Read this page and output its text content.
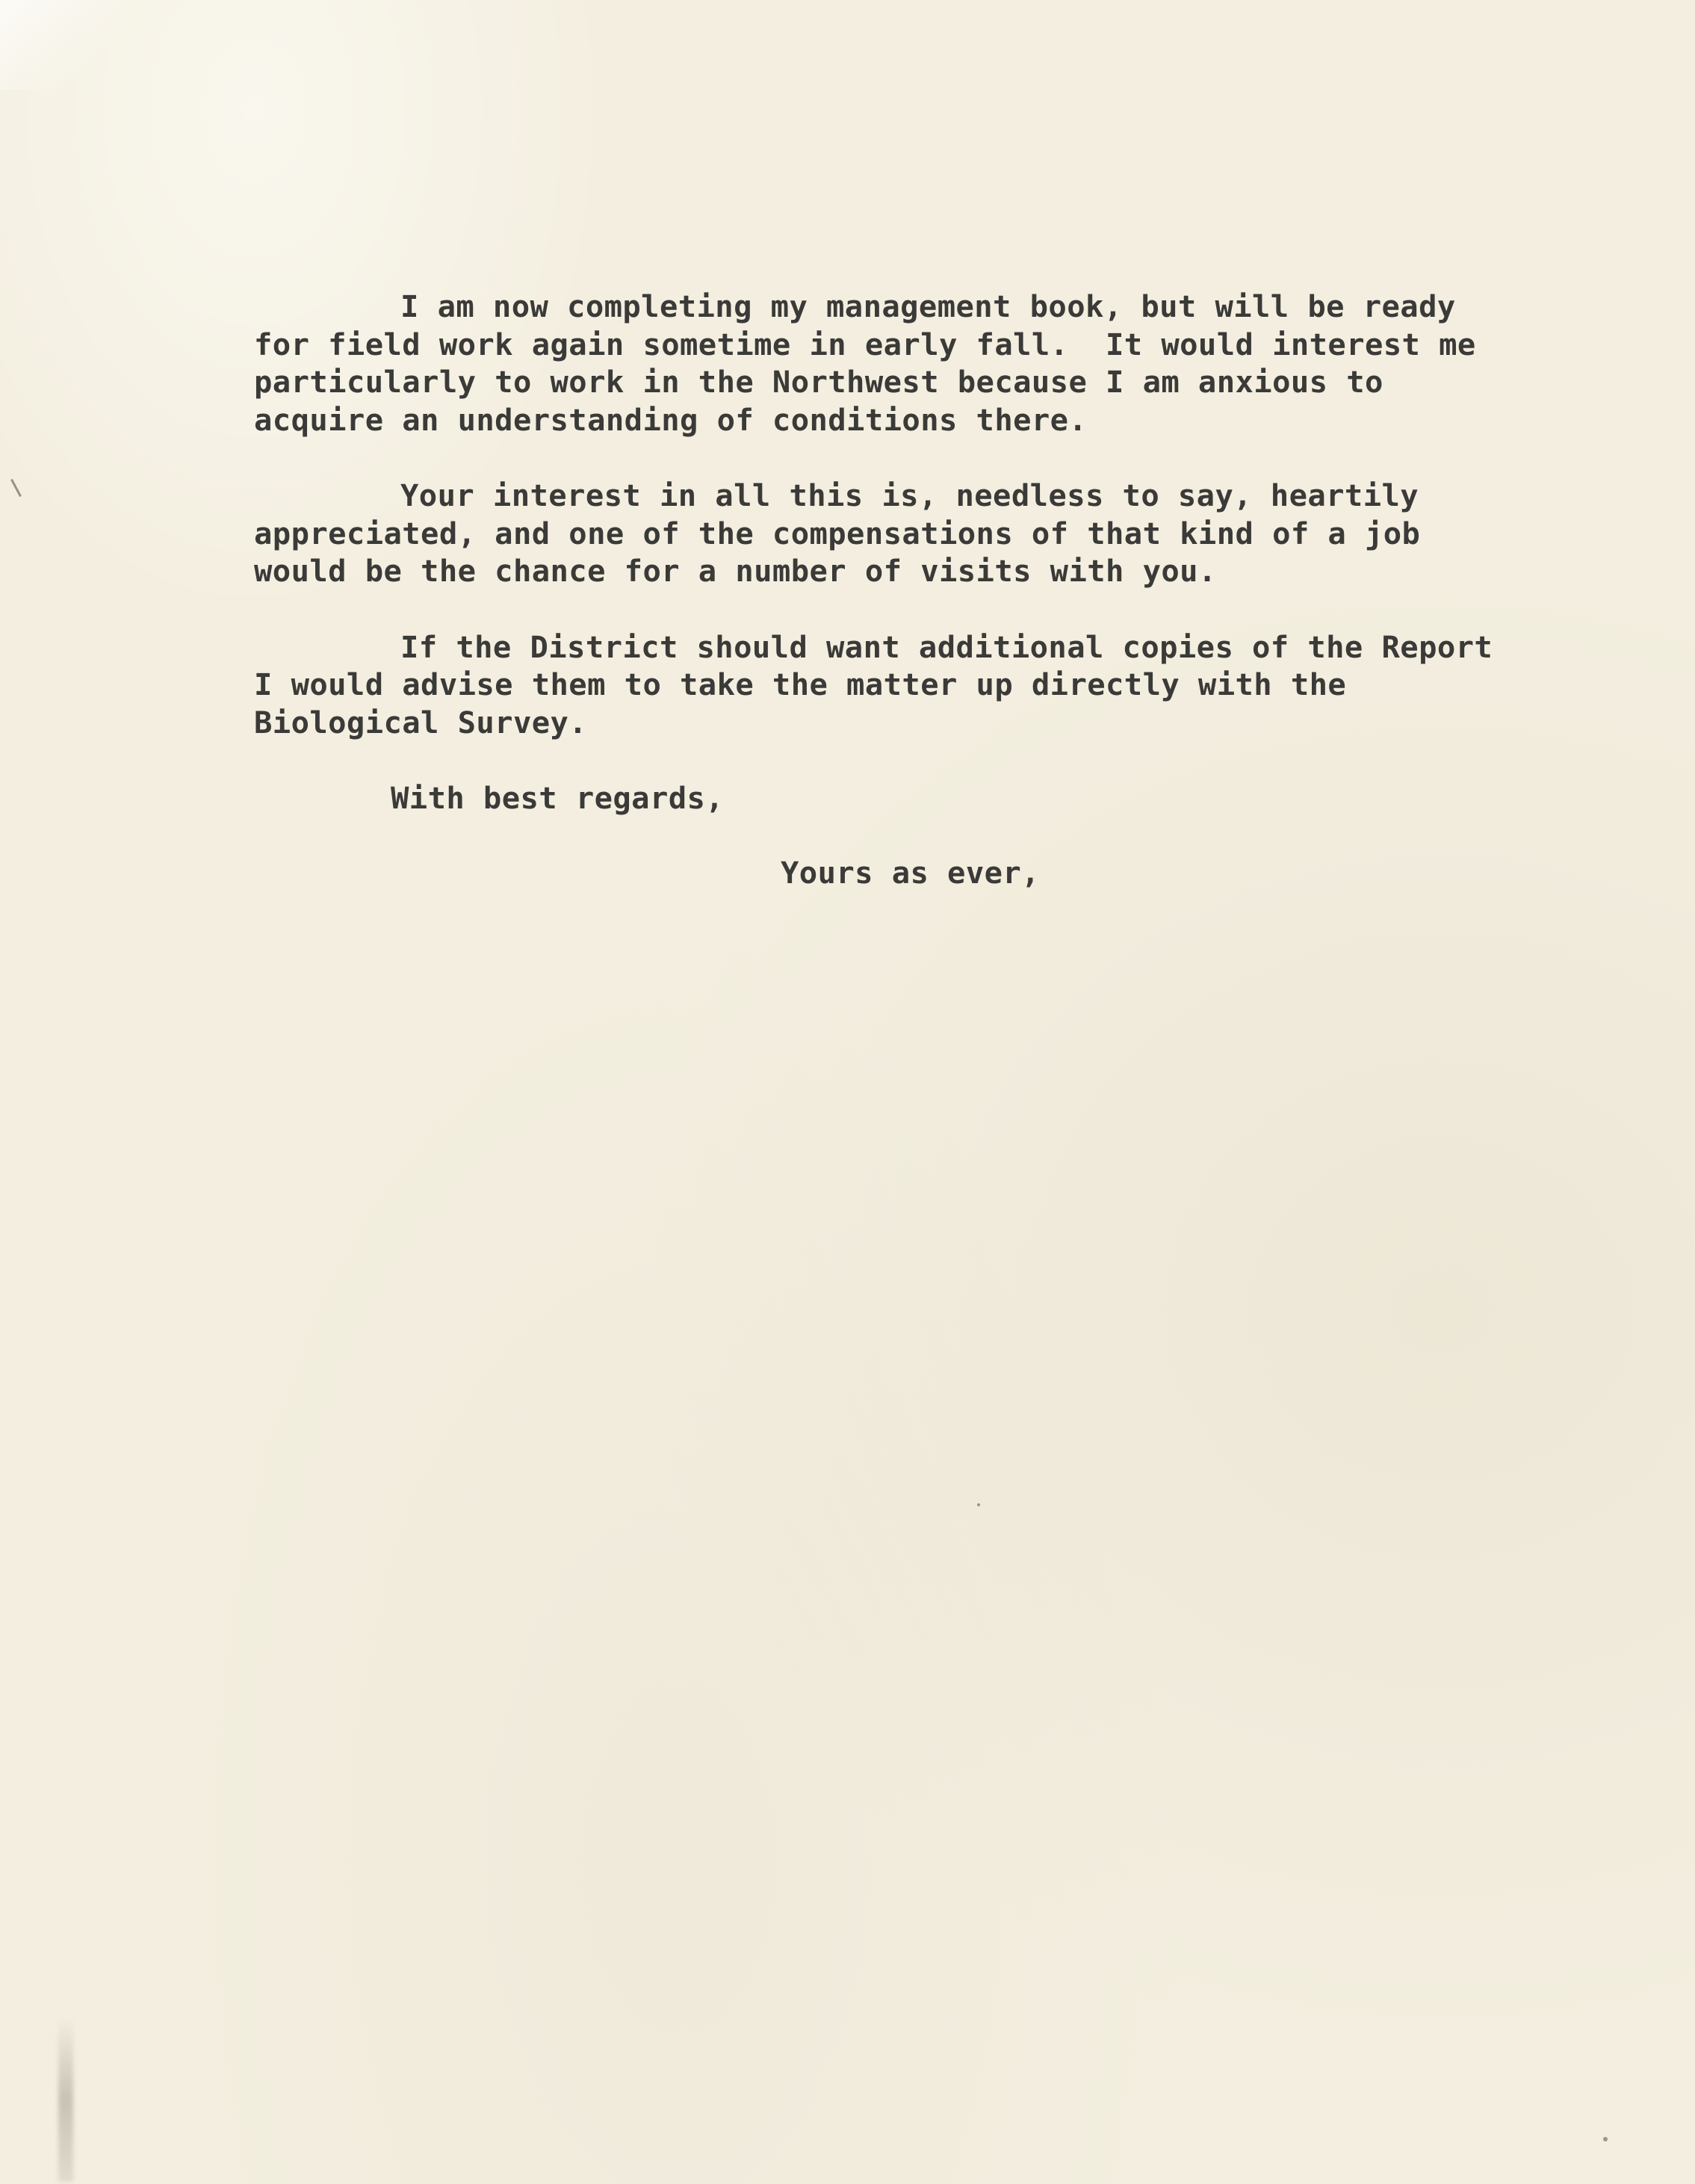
I am now completing my management book, but will be ready
for field work again sometime in early fall.  It would interest me
particularly to work in the Northwest because I am anxious to
acquire an understanding of conditions there.
Your interest in all this is, needless to say, heartily
appreciated, and one of the compensations of that kind of a job
would be the chance for a number of visits with you.
If the District should want additional copies of the Report
I would advise them to take the matter up directly with the
Biological Survey.
With best regards,
Yours as ever,
